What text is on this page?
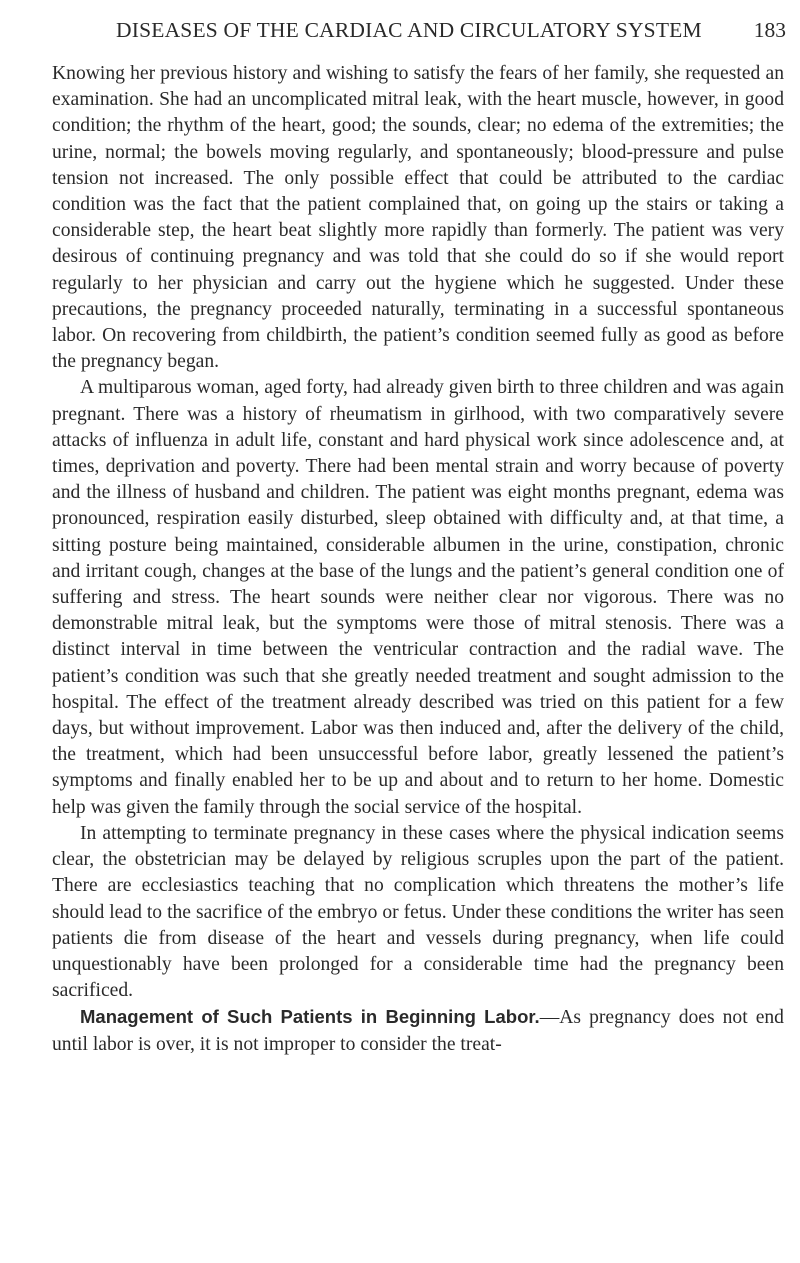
DISEASES OF THE CARDIAC AND CIRCULATORY SYSTEM 183

Knowing her previous history and wishing to satisfy the fears of her family, she requested an examination. She had an uncomplicated mitral leak, with the heart muscle, however, in good condition; the rhythm of the heart, good; the sounds, clear; no edema of the extremities; the urine, normal; the bowels moving regularly, and spontaneously; blood-pressure and pulse tension not increased. The only possible effect that could be attributed to the cardiac condition was the fact that the patient complained that, on going up the stairs or taking a considerable step, the heart beat slightly more rapidly than formerly. The patient was very desirous of continuing pregnancy and was told that she could do so if she would report regularly to her physician and carry out the hygiene which he suggested. Under these precautions, the pregnancy proceeded naturally, terminating in a successful spontaneous labor. On recovering from childbirth, the patient’s condition seemed fully as good as before the pregnancy began.

A multiparous woman, aged forty, had already given birth to three children and was again pregnant. There was a history of rheumatism in girlhood, with two comparatively severe attacks of influenza in adult life, constant and hard physical work since adolescence and, at times, deprivation and poverty. There had been mental strain and worry because of poverty and the illness of husband and children. The patient was eight months pregnant, edema was pronounced, respiration easily disturbed, sleep obtained with difficulty and, at that time, a sitting posture being maintained, considerable albumen in the urine, constipation, chronic and irritant cough, changes at the base of the lungs and the patient’s general condition one of suffering and stress. The heart sounds were neither clear nor vigorous. There was no demonstrable mitral leak, but the symptoms were those of mitral stenosis. There was a distinct interval in time between the ventricular contraction and the radial wave. The patient’s condition was such that she greatly needed treatment and sought admission to the hospital. The effect of the treatment already described was tried on this patient for a few days, but without improvement. Labor was then induced and, after the delivery of the child, the treatment, which had been unsuccessful before labor, greatly lessened the patient’s symptoms and finally enabled her to be up and about and to return to her home. Domestic help was given the family through the social service of the hospital.

In attempting to terminate pregnancy in these cases where the physical indication seems clear, the obstetrician may be delayed by religious scruples upon the part of the patient. There are ecclesiastics teaching that no complication which threatens the mother’s life should lead to the sacrifice of the embryo or fetus. Under these conditions the writer has seen patients die from disease of the heart and vessels during pregnancy, when life could unquestionably have been prolonged for a considerable time had the pregnancy been sacrificed.

Management of Such Patients in Beginning Labor.—As pregnancy does not end until labor is over, it is not improper to consider the treat-
